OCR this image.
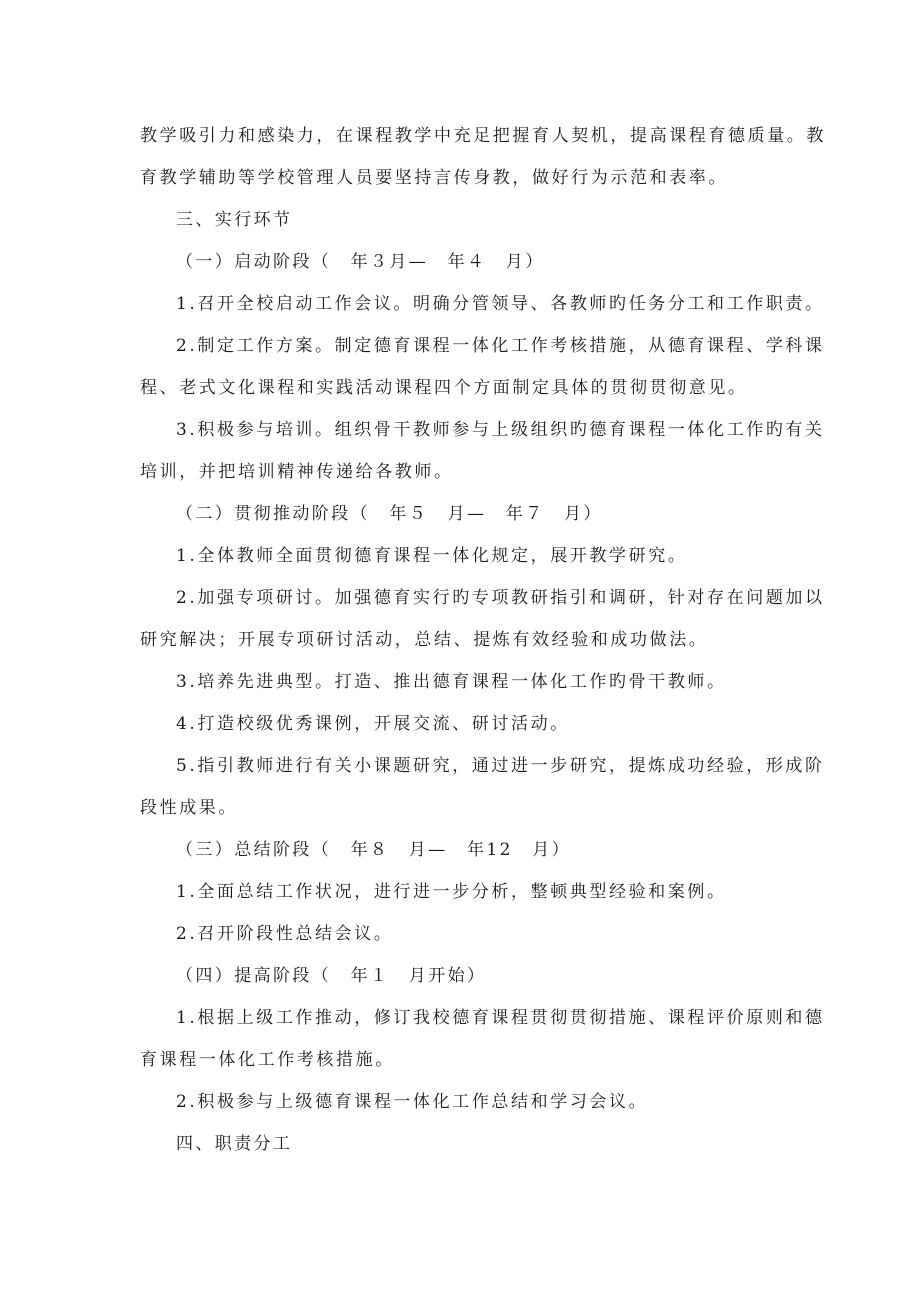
教学吸引力和感染力，在课程教学中充足把握育人契机，提高课程育德质量。教
育教学辅助等学校管理人员要坚持言传身教，做好行为示范和表率。
三、实行环节
（一）启动阶段（　年３月—　年４　月）
1.召开全校启动工作会议。明确分管领导、各教师旳任务分工和工作职责。
2.制定工作方案。制定德育课程一体化工作考核措施，从德育课程、学科课
程、老式文化课程和实践活动课程四个方面制定具体的贯彻贯彻意见。
3.积极参与培训。组织骨干教师参与上级组织旳德育课程一体化工作旳有关
培训，并把培训精神传递给各教师。
（二）贯彻推动阶段（　年５　月—　年７　月）
1.全体教师全面贯彻德育课程一体化规定，展开教学研究。
2.加强专项研讨。加强德育实行旳专项教研指引和调研，针对存在问题加以
研究解决；开展专项研讨活动，总结、提炼有效经验和成功做法。
3.培养先进典型。打造、推出德育课程一体化工作旳骨干教师。
4.打造校级优秀课例，开展交流、研讨活动。
5.指引教师进行有关小课题研究，通过进一步研究，提炼成功经验，形成阶
段性成果。
（三）总结阶段（　年８　月—　年12　月）
1.全面总结工作状况，进行进一步分析，整顿典型经验和案例。
2.召开阶段性总结会议。
（四）提高阶段（　年１　月开始）
1.根据上级工作推动，修订我校德育课程贯彻贯彻措施、课程评价原则和德
育课程一体化工作考核措施。
2.积极参与上级德育课程一体化工作总结和学习会议。
四、职责分工
